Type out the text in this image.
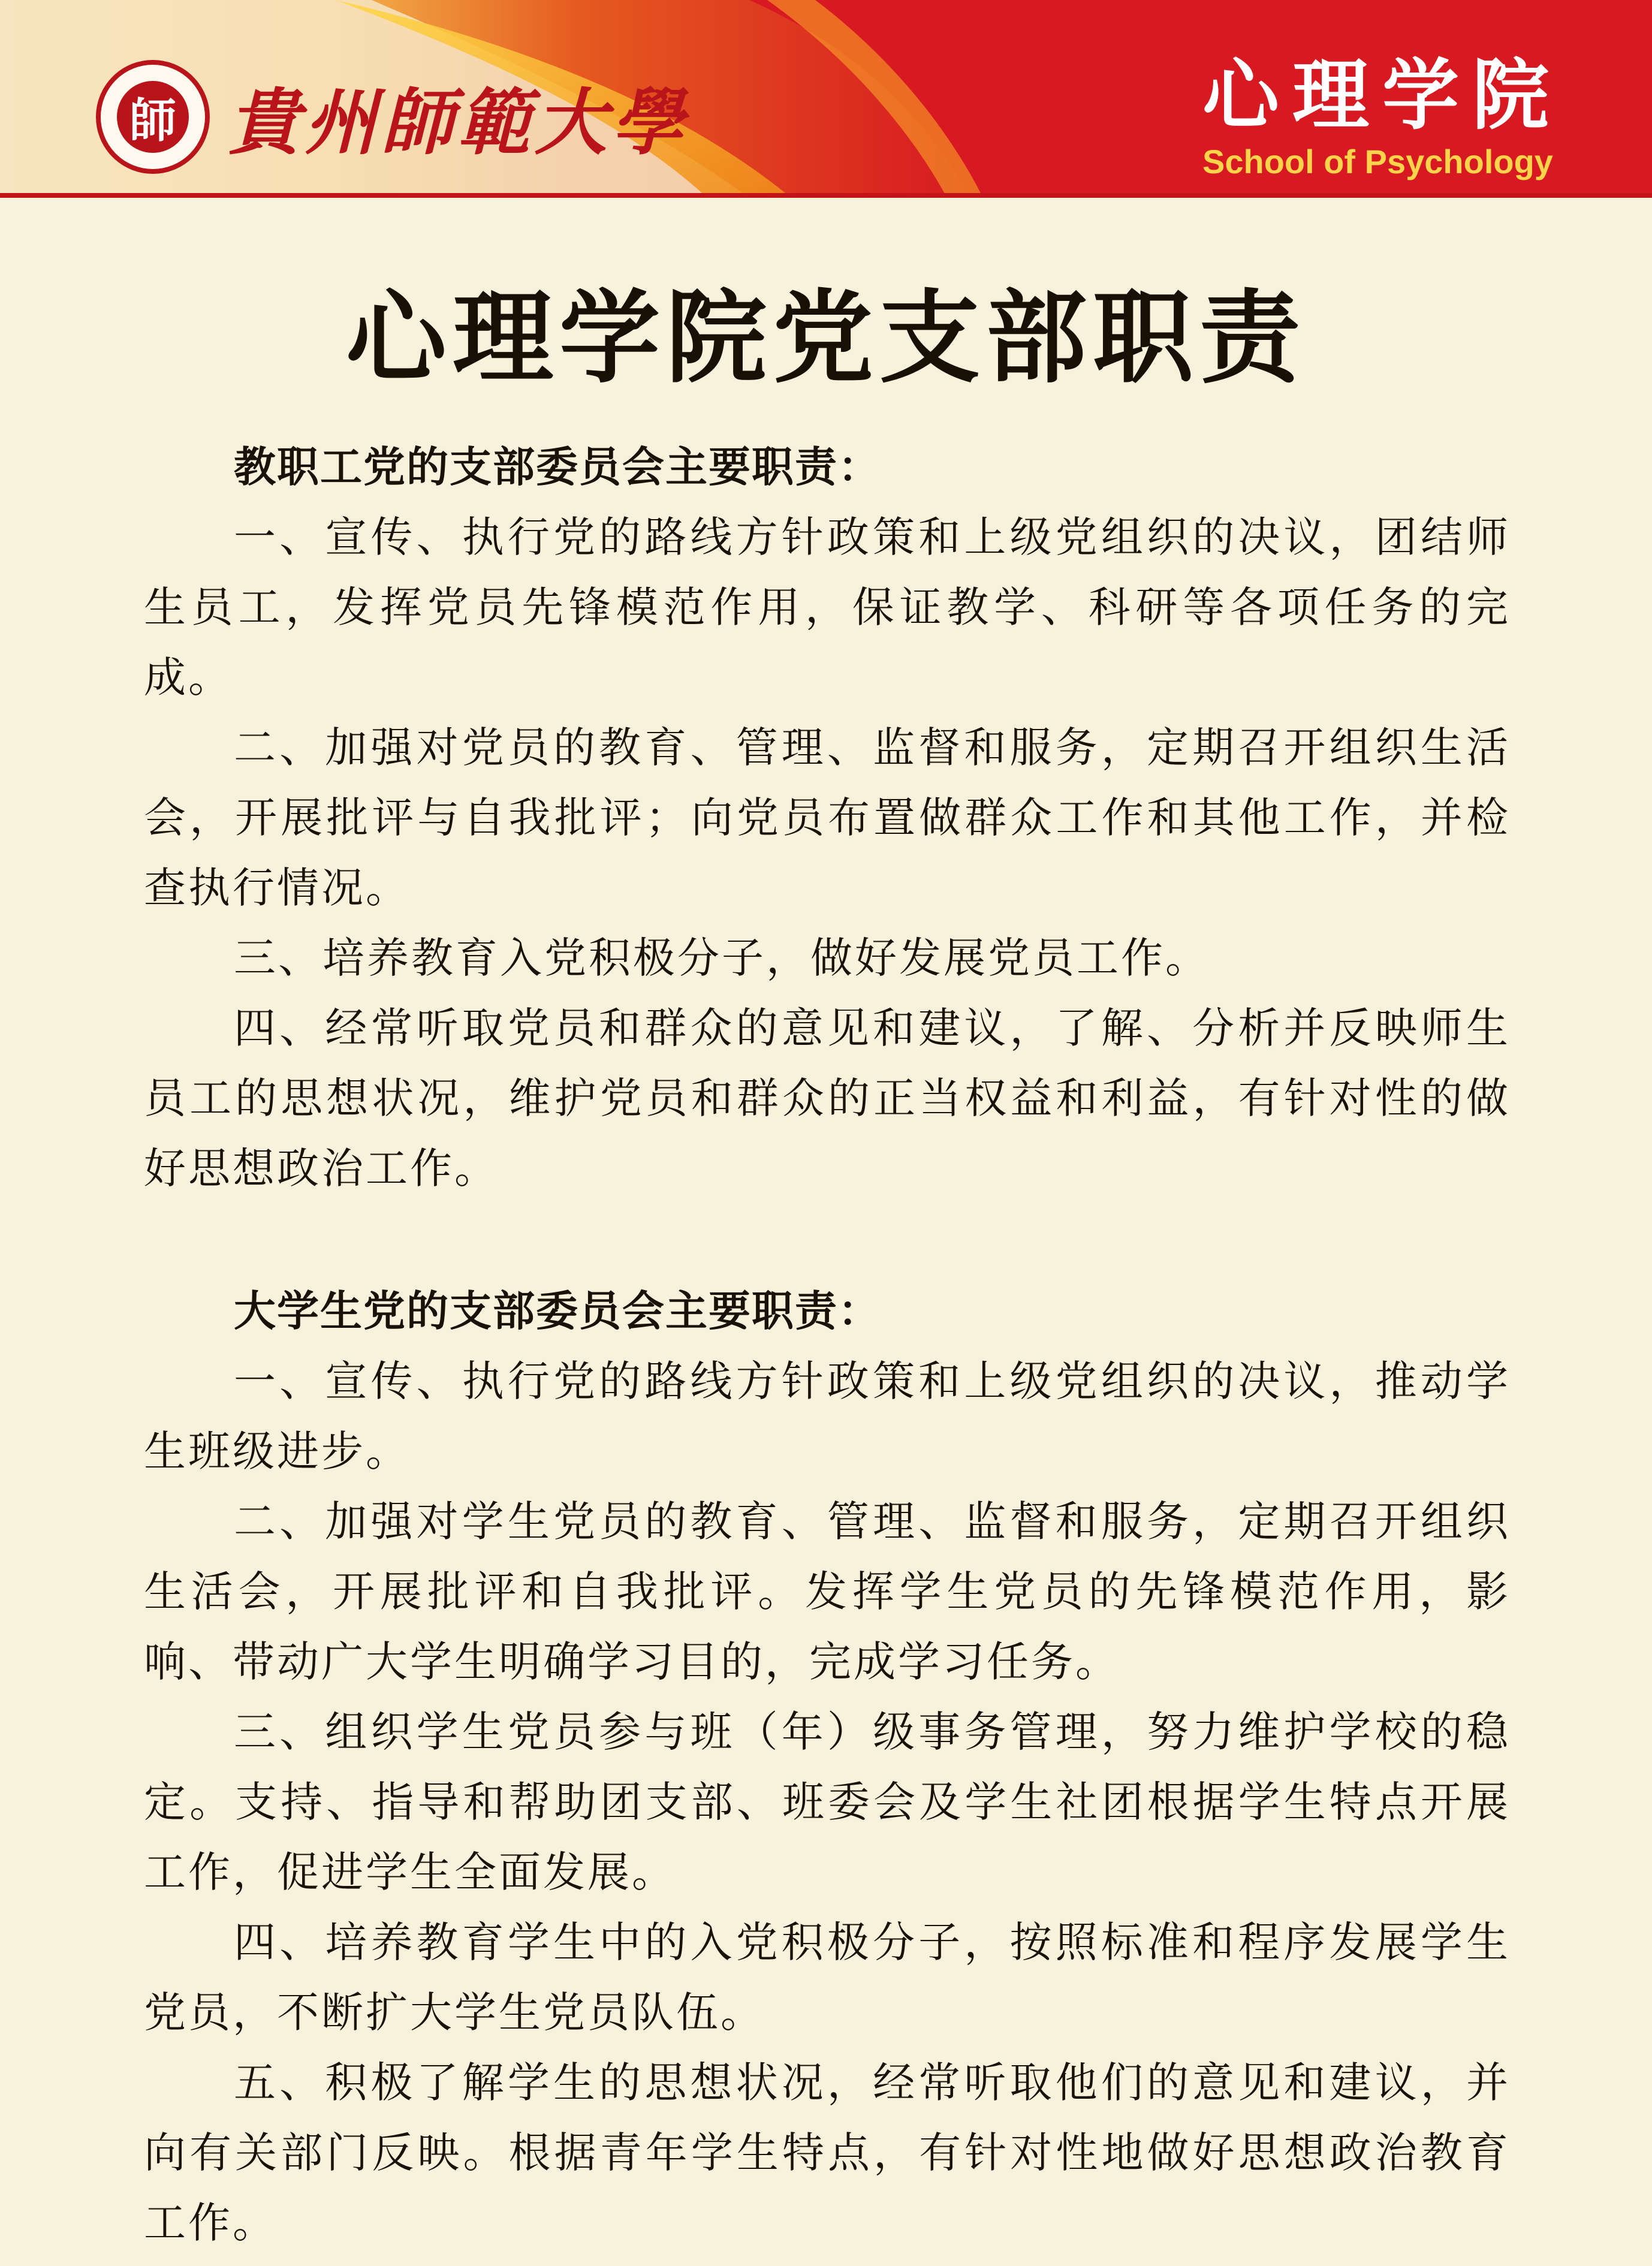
師 貴州師範大學	心理学院
School of Psychology
心理学院党支部职责
教职工党的支部委员会主要职责：

一、宣传、执行党的路线方针政策和上级党组织的决议，团结师生员工，发挥党员先锋模范作用，保证教学、科研等各项任务的完成。

二、加强对党员的教育、管理、监督和服务，定期召开组织生活会，开展批评与自我批评；向党员布置做群众工作和其他工作，并检查执行情况。

三、培养教育入党积极分子，做好发展党员工作。

四、经常听取党员和群众的意见和建议，了解、分析并反映师生员工的思想状况，维护党员和群众的正当权益和利益，有针对性的做好思想政治工作。

大学生党的支部委员会主要职责：

一、宣传、执行党的路线方针政策和上级党组织的决议，推动学生班级进步。

二、加强对学生党员的教育、管理、监督和服务，定期召开组织生活会，开展批评和自我批评。发挥学生党员的先锋模范作用，影响、带动广大学生明确学习目的，完成学习任务。

三、组织学生党员参与班（年）级事务管理，努力维护学校的稳定。支持、指导和帮助团支部、班委会及学生社团根据学生特点开展工作，促进学生全面发展。

四、培养教育学生中的入党积极分子，按照标准和程序发展学生党员，不断扩大学生党员队伍。

五、积极了解学生的思想状况，经常听取他们的意见和建议，并向有关部门反映。根据青年学生特点，有针对性地做好思想政治教育工作。
